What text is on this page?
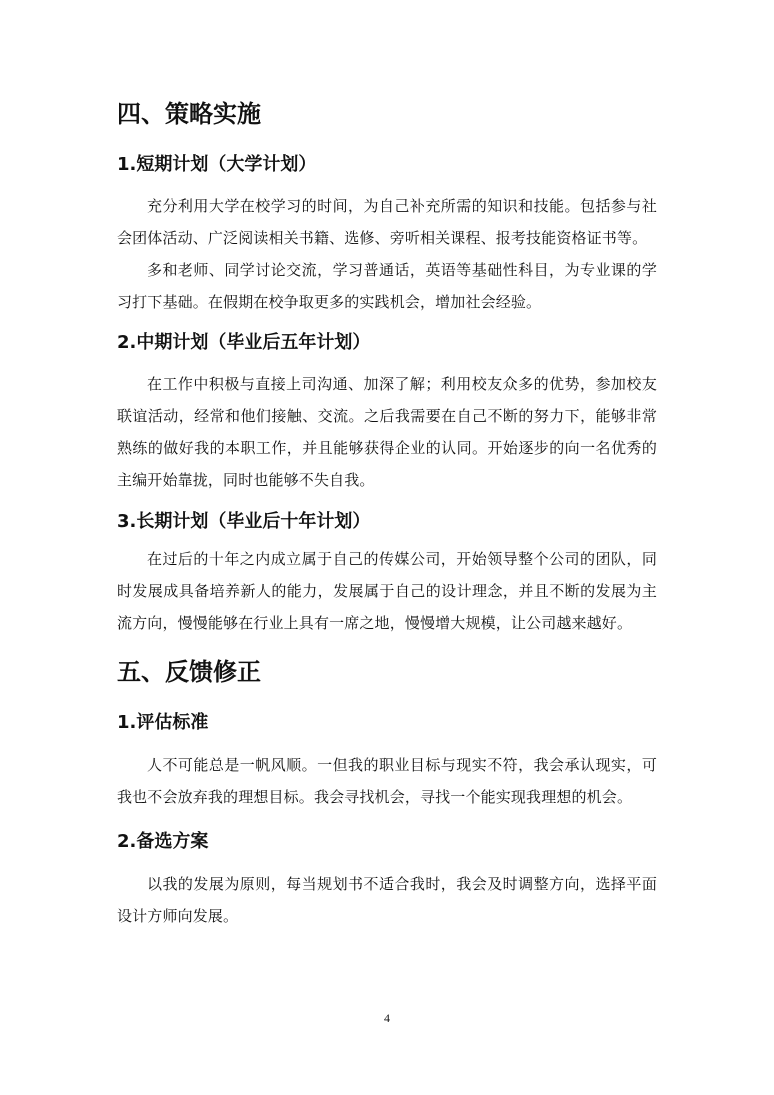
四、策略实施
1.短期计划（大学计划）

充分利用大学在校学习的时间，为自己补充所需的知识和技能。包括参与社会团体活动、广泛阅读相关书籍、选修、旁听相关课程、报考技能资格证书等。

多和老师、同学讨论交流，学习普通话，英语等基础性科目，为专业课的学习打下基础。在假期在校争取更多的实践机会，增加社会经验。

2.中期计划（毕业后五年计划）

在工作中积极与直接上司沟通、加深了解；利用校友众多的优势，参加校友联谊活动，经常和他们接触、交流。之后我需要在自己不断的努力下，能够非常熟练的做好我的本职工作，并且能够获得企业的认同。开始逐步的向一名优秀的主编开始靠拢，同时也能够不失自我。

3.长期计划（毕业后十年计划）

在过后的十年之内成立属于自己的传媒公司，开始领导整个公司的团队，同时发展成具备培养新人的能力，发展属于自己的设计理念，并且不断的发展为主流方向，慢慢能够在行业上具有一席之地，慢慢增大规模，让公司越来越好。

五、反馈修正
1.评估标准

人不可能总是一帆风顺。一但我的职业目标与现实不符，我会承认现实，可我也不会放弃我的理想目标。我会寻找机会，寻找一个能实现我理想的机会。

2.备选方案

以我的发展为原则，每当规划书不适合我时，我会及时调整方向，选择平面设计方师向发展。

4
